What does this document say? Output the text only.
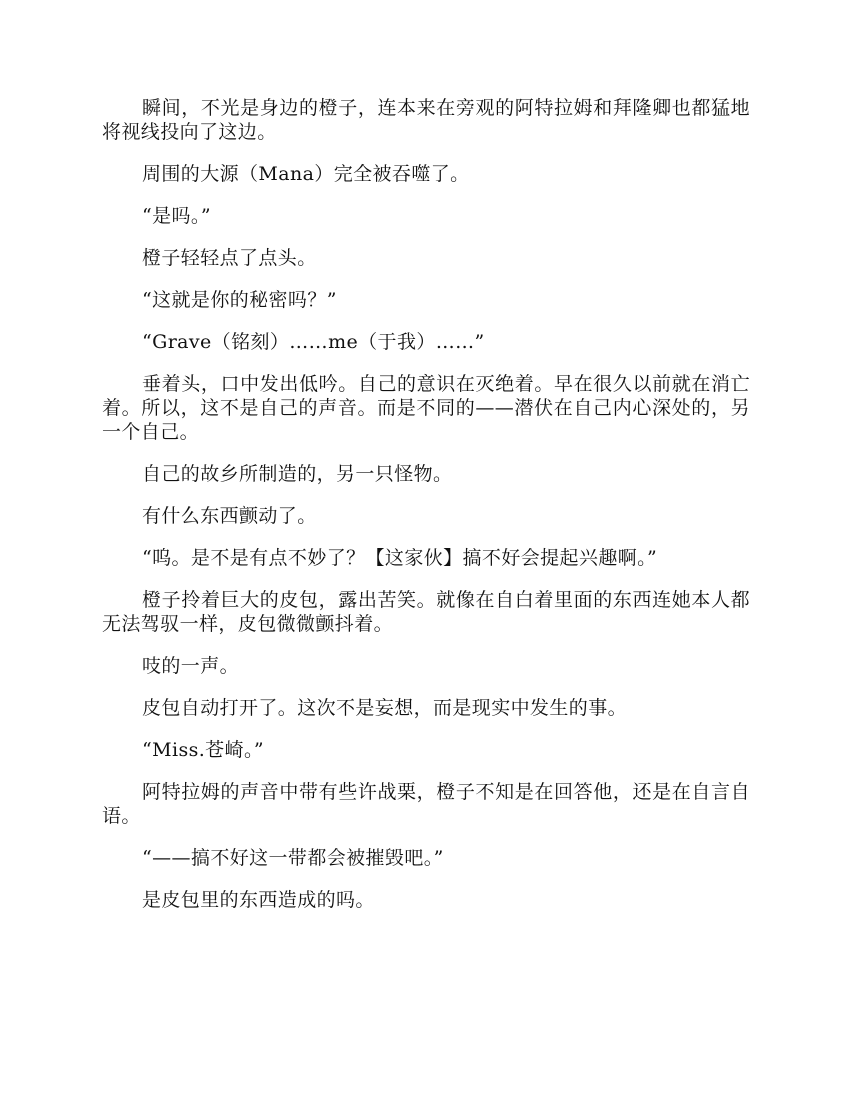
瞬间，不光是身边的橙子，连本来在旁观的阿特拉姆和拜隆卿也都猛地将视线投向了这边。

周围的大源（Mana）完全被吞噬了。

“是吗。”

橙子轻轻点了点头。

“这就是你的秘密吗？”

“Grave（铭刻）……me（于我）……”

垂着头，口中发出低吟。自己的意识在灭绝着。早在很久以前就在消亡着。所以，这不是自己的声音。而是不同的——潜伏在自己内心深处的，另一个自己。

自己的故乡所制造的，另一只怪物。

有什么东西颤动了。

“呜。是不是有点不妙了？【这家伙】搞不好会提起兴趣啊。”

橙子拎着巨大的皮包，露出苦笑。就像在自白着里面的东西连她本人都无法驾驭一样，皮包微微颤抖着。

吱的一声。

皮包自动打开了。这次不是妄想，而是现实中发生的事。

“Miss.苍崎。”

阿特拉姆的声音中带有些许战栗，橙子不知是在回答他，还是在自言自语。

“——搞不好这一带都会被摧毁吧。”

是皮包里的东西造成的吗。
